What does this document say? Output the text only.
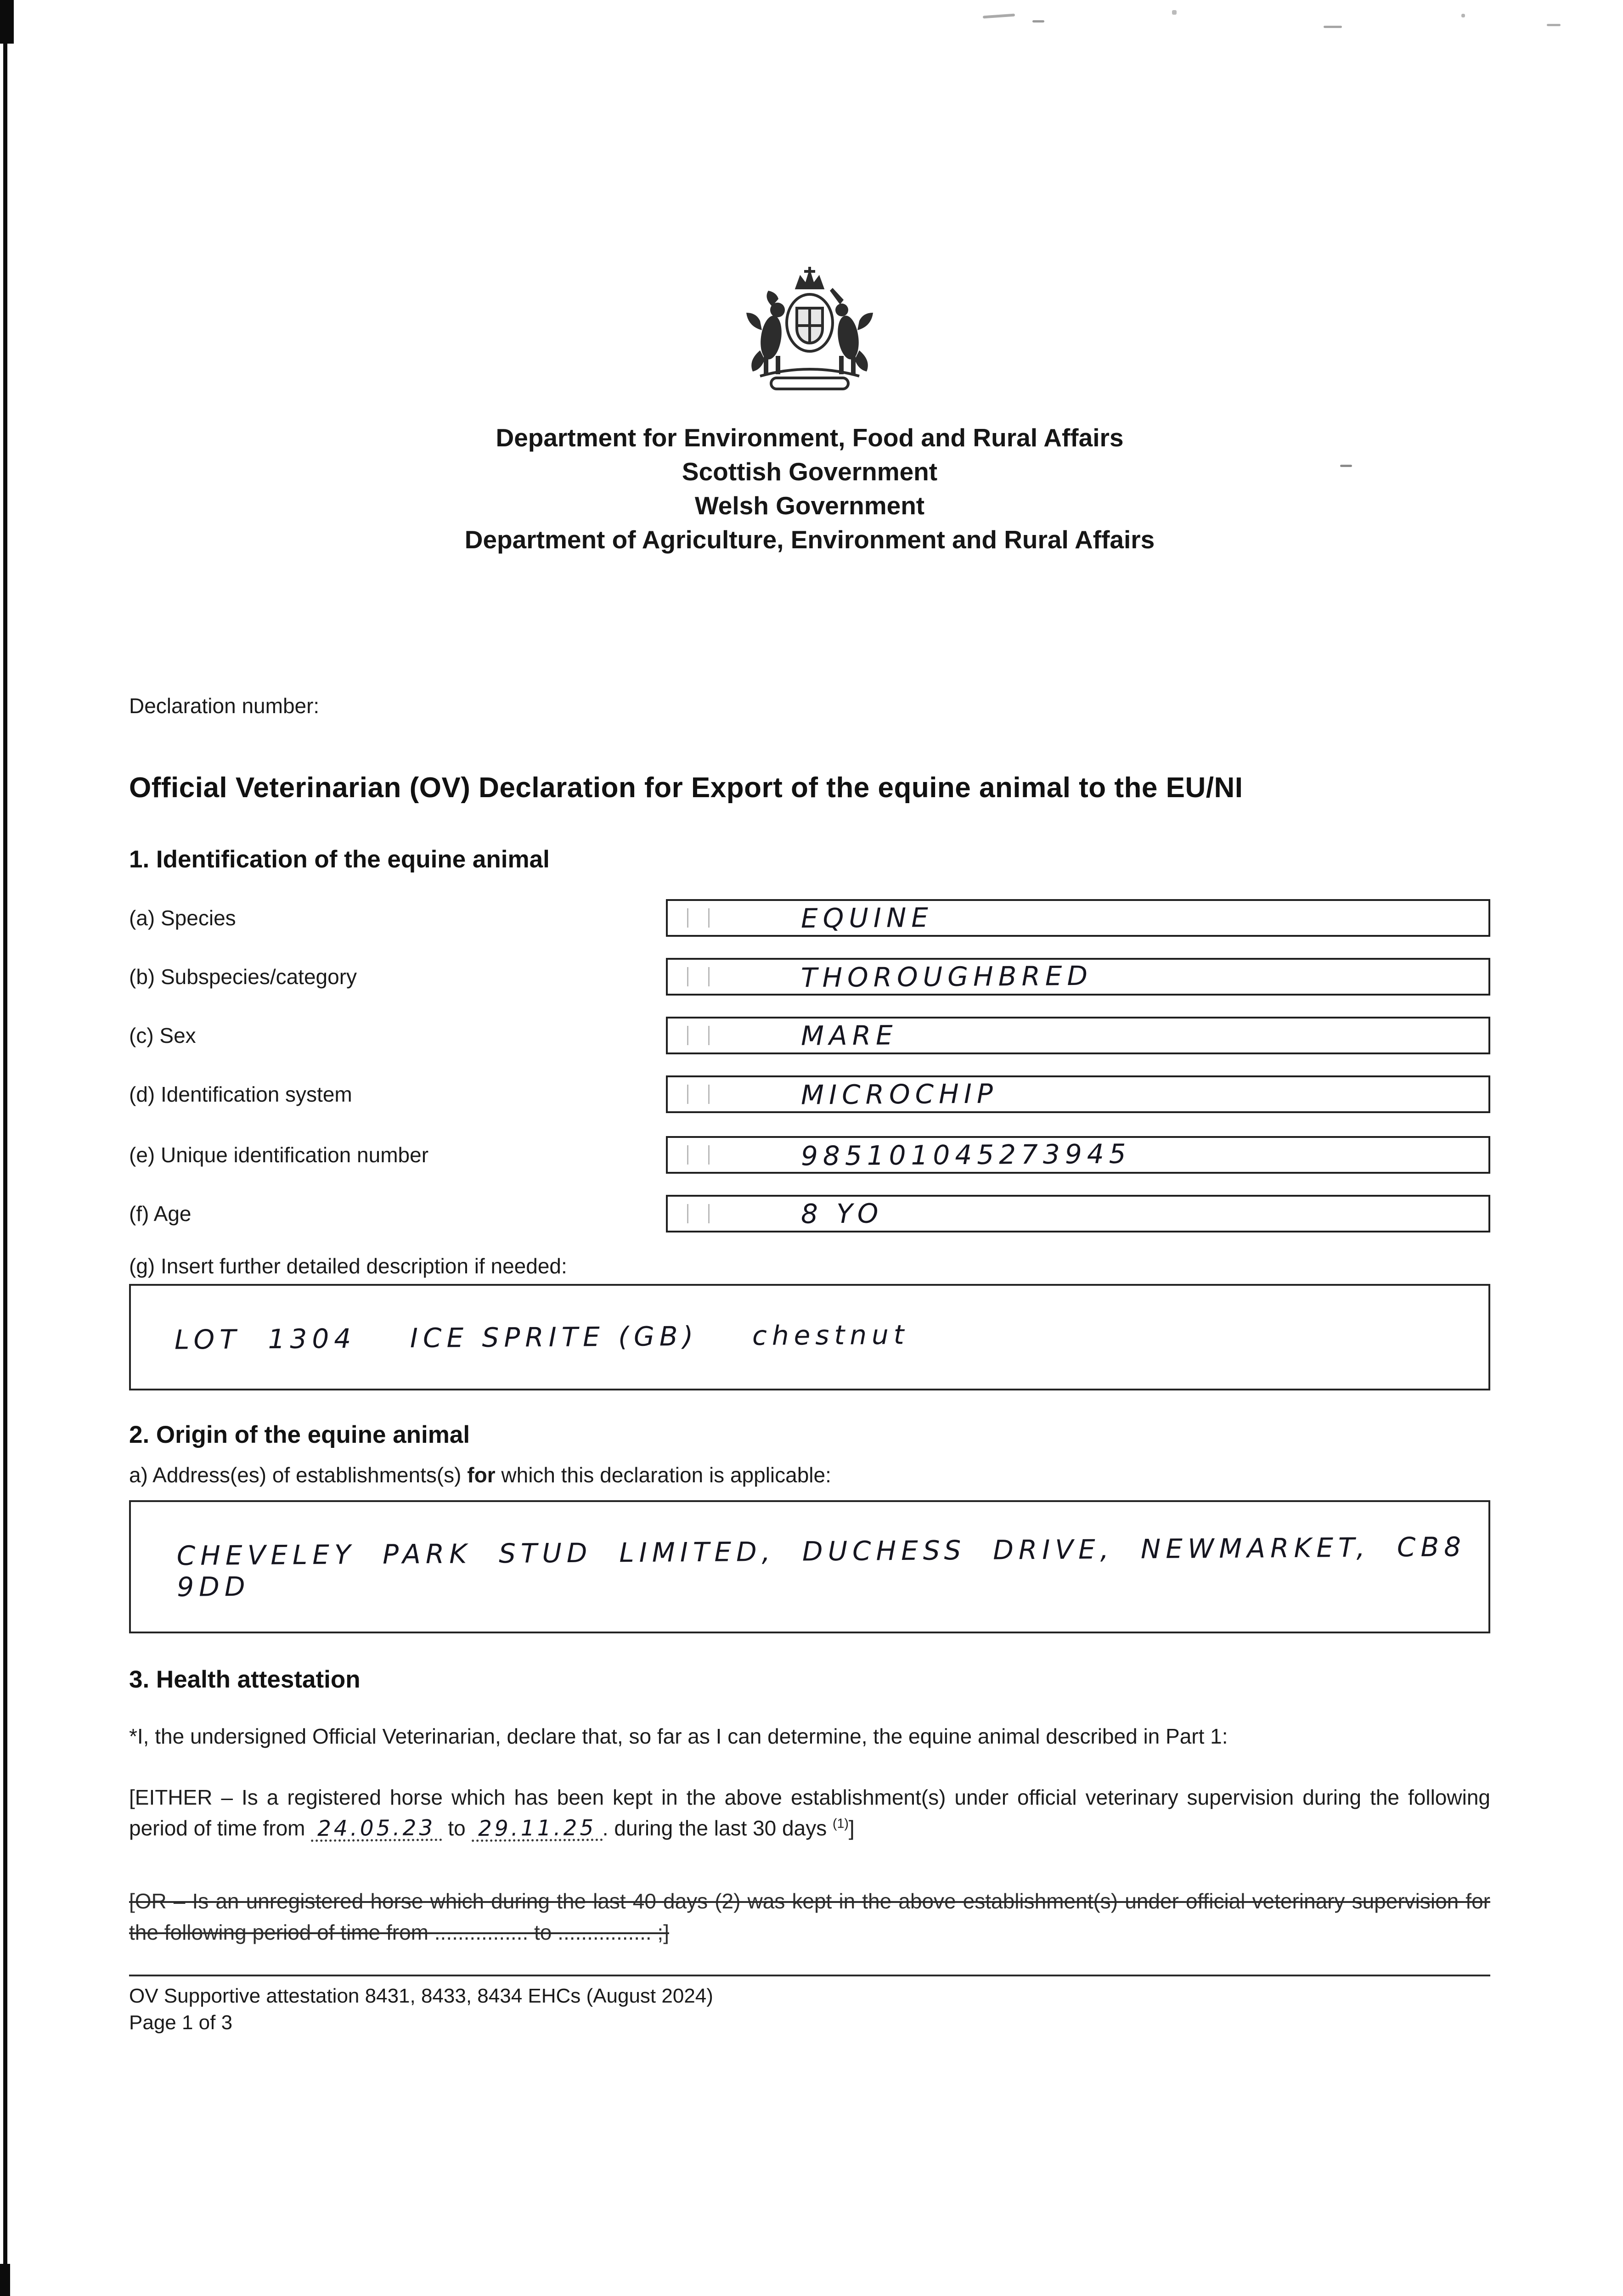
Department for Environment, Food and Rural Affairs
Scottish Government
Welsh Government
Department of Agriculture, Environment and Rural Affairs
Declaration number:
Official Veterinarian (OV) Declaration for Export of the equine animal to the EU/NI
1. Identification of the equine animal
(a) Species	EQUINE
(b) Subspecies/category	THOROUGHBRED
(c) Sex	MARE
(d) Identification system	MICROCHIP
(e) Unique identification number	985101045273945
(f) Age	8 YO
(g) Insert further detailed description if needed:
LOT  1304    ICE SPRITE (GB)    chestnut
2. Origin of the equine animal
a) Address(es) of establishments(s) for which this declaration is applicable:
CHEVELEY  PARK  STUD  LIMITED,  DUCHESS  DRIVE,  NEWMARKET,  CB8 9DD
3. Health attestation
*I, the undersigned Official Veterinarian, declare that, so far as I can determine, the equine animal described in Part 1:
[EITHER – Is a registered horse which has been kept in the above establishment(s) under official veterinary supervision during the following period of time from 24.05.23 to 29.11.25 . during the last 30 days $^{(1)}$]
[OR – Is an unregistered horse which during the last 40 days (2) was kept in the above establishment(s) under official veterinary supervision for the following period of time from ................ to ................ ;]
OV Supportive attestation 8431, 8433, 8434 EHCs (August 2024)
Page 1 of 3
